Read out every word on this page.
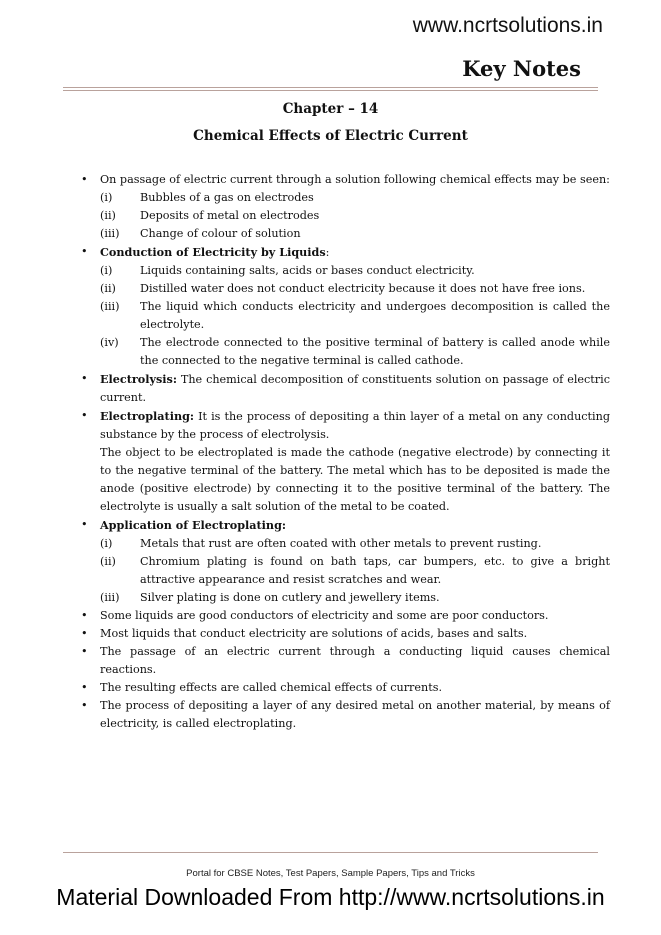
www.ncrtsolutions.in
Key Notes
Chapter – 14
Chemical Effects of Electric Current
• On passage of electric current through a solution following chemical effects may be seen:
(i) Bubbles of a gas on electrodes
(ii) Deposits of metal on electrodes
(iii) Change of colour of solution
• Conduction of Electricity by Liquids:
(i) Liquids containing salts, acids or bases conduct electricity.
(ii) Distilled water does not conduct electricity because it does not have free ions.
(iii) The liquid which conducts electricity and undergoes decomposition is called the electrolyte.
(iv) The electrode connected to the positive terminal of battery is called anode while the connected to the negative terminal is called cathode.
• Electrolysis: The chemical decomposition of constituents solution on passage of electric current.
• Electroplating: It is the process of depositing a thin layer of a metal on any conducting substance by the process of electrolysis.
The object to be electroplated is made the cathode (negative electrode) by connecting it to the negative terminal of the battery. The metal which has to be deposited is made the anode (positive electrode) by connecting it to the positive terminal of the battery. The electrolyte is usually a salt solution of the metal to be coated.
• Application of Electroplating:
(i) Metals that rust are often coated with other metals to prevent rusting.
(ii) Chromium plating is found on bath taps, car bumpers, etc. to give a bright attractive appearance and resist scratches and wear.
(iii) Silver plating is done on cutlery and jewellery items.
• Some liquids are good conductors of electricity and some are poor conductors.
• Most liquids that conduct electricity are solutions of acids, bases and salts.
• The passage of an electric current through a conducting liquid causes chemical reactions.
• The resulting effects are called chemical effects of currents.
• The process of depositing a layer of any desired metal on another material, by means of electricity, is called electroplating.
Portal for CBSE Notes, Test Papers, Sample Papers, Tips and Tricks
Material Downloaded From http://www.ncrtsolutions.in
